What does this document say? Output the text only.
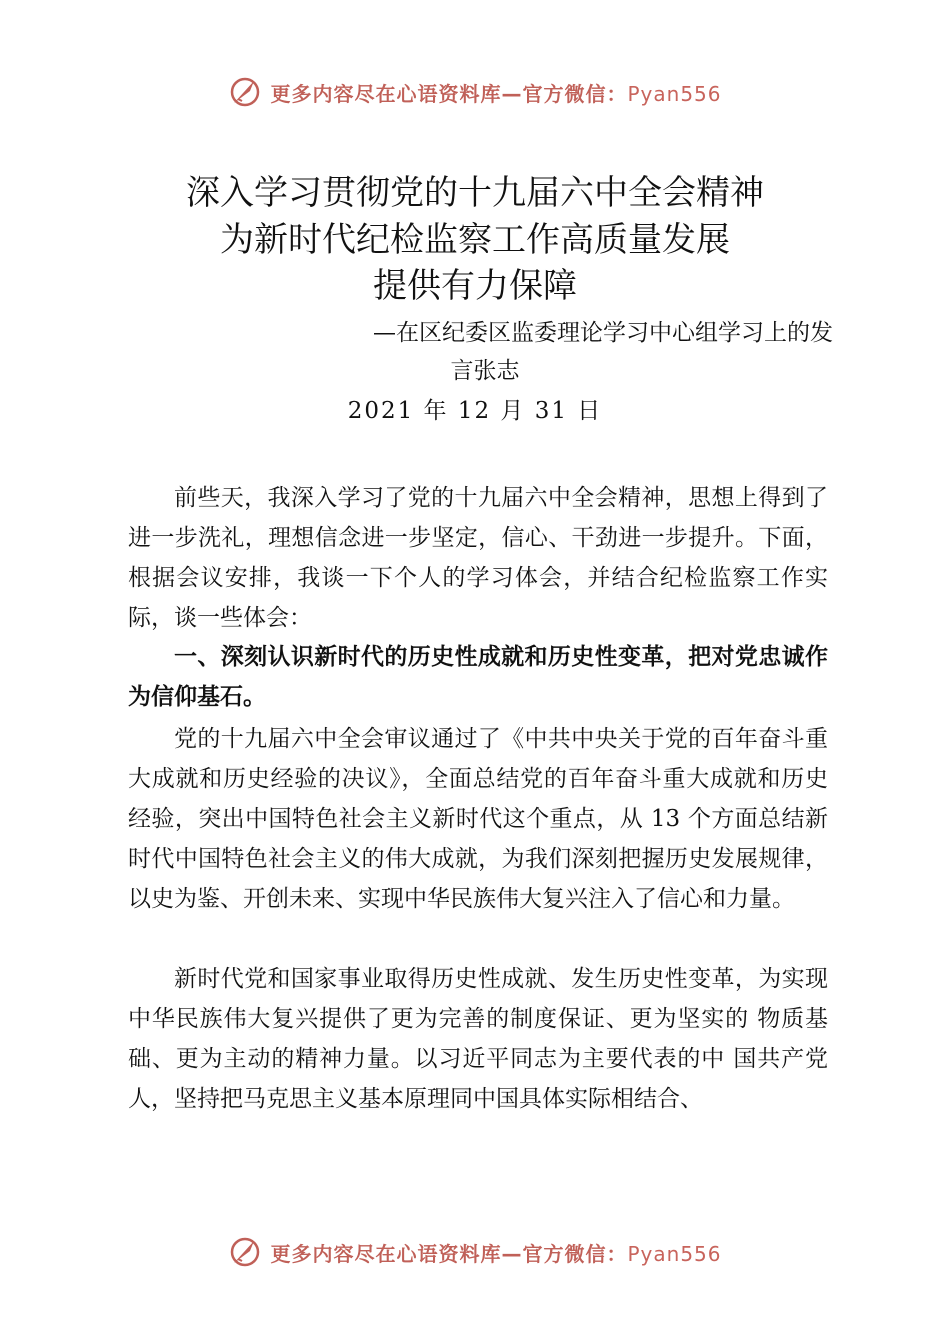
更多内容尽在心语资料库—官方微信：Pyan556
深入学习贯彻党的十九届六中全会精神
为新时代纪检监察工作高质量发展
提供有力保障
—在区纪委区监委理论学习中心组学习上的发
言张志
2021 年 12 月 31 日

前些天，我深入学习了党的十九届六中全会精神，思想上得到了进一步洗礼，理想信念进一步坚定，信心、干劲进一步提升。下面，根据会议安排，我谈一下个人的学习体会，并结合纪检监察工作实际，谈一些体会：

一、深刻认识新时代的历史性成就和历史性变革，把对党忠诚作为信仰基石。

党的十九届六中全会审议通过了《中共中央关于党的百年奋斗重大成就和历史经验的决议》，全面总结党的百年奋斗重大成就和历史经验，突出中国特色社会主义新时代这个重点，从 13 个方面总结新时代中国特色社会主义的伟大成就，为我们深刻把握历史发展规律，以史为鉴、开创未来、实现中华民族伟大复兴注入了信心和力量。

新时代党和国家事业取得历史性成就、发生历史性变革，为实现中华民族伟大复兴提供了更为完善的制度保证、更为坚实的 物质基础、更为主动的精神力量。以习近平同志为主要代表的中 国共产党人，坚持把马克思主义基本原理同中国具体实际相结合、

更多内容尽在心语资料库—官方微信：Pyan556
